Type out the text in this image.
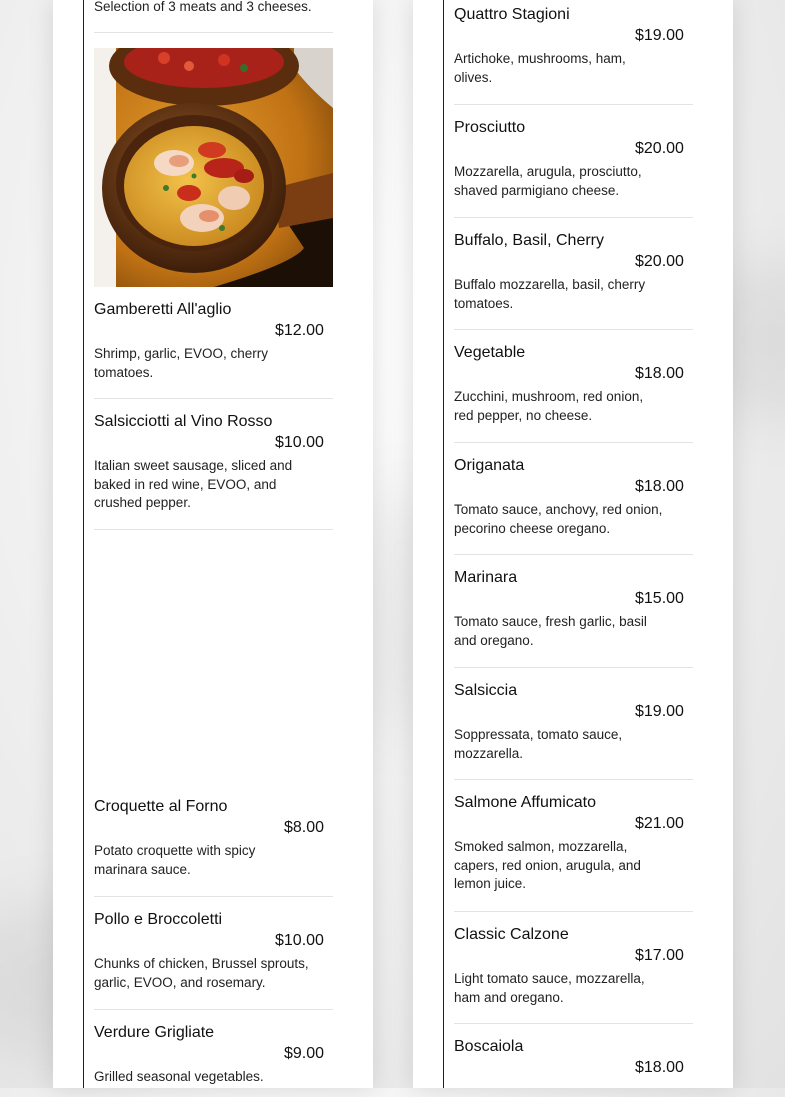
Selection of 3 meats and 3 cheeses.
Gamberetti All'aglio
$12.00
Shrimp, garlic, EVOO, cherry tomatoes.
Salsicciotti al Vino Rosso
$10.00
Italian sweet sausage, sliced and baked in red wine, EVOO, and crushed pepper.
Croquette al Forno
$8.00
Potato croquette with spicy marinara sauce.
Pollo e Broccoletti
$10.00
Chunks of chicken, Brussel sprouts, garlic, EVOO, and rosemary.
Verdure Grigliate
$9.00
Grilled seasonal vegetables.
Quattro Stagioni
$19.00
Artichoke, mushrooms, ham, olives.
Prosciutto
$20.00
Mozzarella, arugula, prosciutto, shaved parmigiano cheese.
Buffalo, Basil, Cherry
$20.00
Buffalo mozzarella, basil, cherry tomatoes.
Vegetable
$18.00
Zucchini, mushroom, red onion, red pepper, no cheese.
Origanata
$18.00
Tomato sauce, anchovy, red onion, pecorino cheese oregano.
Marinara
$15.00
Tomato sauce, fresh garlic, basil and oregano.
Salsiccia
$19.00
Soppressata, tomato sauce, mozzarella.
Salmone Affumicato
$21.00
Smoked salmon, mozzarella, capers, red onion, arugula, and lemon juice.
Classic Calzone
$17.00
Light tomato sauce, mozzarella, ham and oregano.
Boscaiola
$18.00
